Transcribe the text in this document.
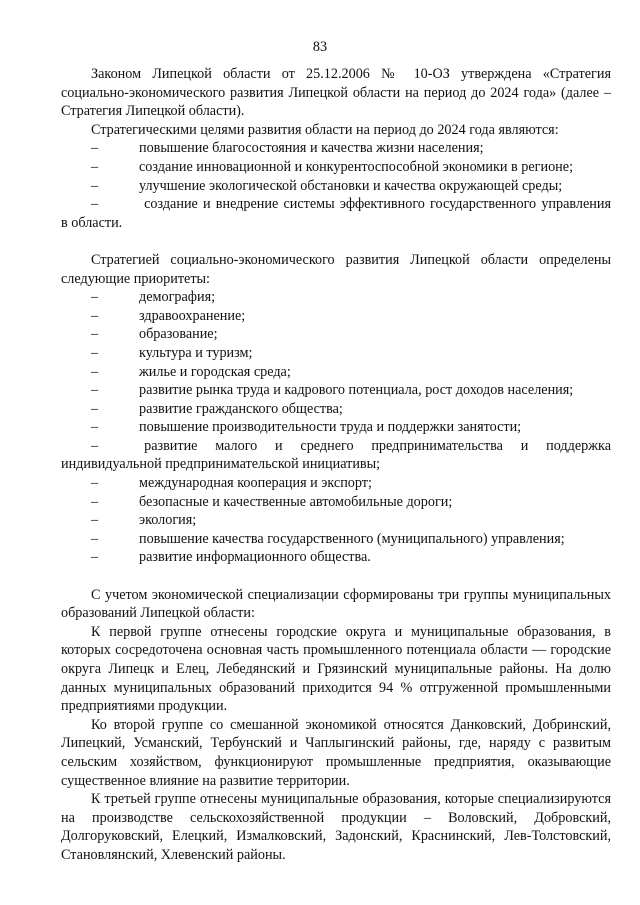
83

Законом Липецкой области от 25.12.2006 № 10-ОЗ утверждена «Стратегия социально-экономического развития Липецкой области на период до 2024 года» (далее – Стратегия Липецкой области).

Стратегическими целями развития области на период до 2024 года являются:

–	повышение благосостояния и качества жизни населения;
–	создание инновационной и конкурентоспособной экономики в регионе;
–	улучшение экологической обстановки и качества окружающей среды;
–	создание и внедрение системы эффективного государственного управления в области.

Стратегией социально-экономического развития Липецкой области определены следующие приоритеты:

–	демография;
–	здравоохранение;
–	образование;
–	культура и туризм;
–	жилье и городская среда;
–	развитие рынка труда и кадрового потенциала, рост доходов населения;
–	развитие гражданского общества;
–	повышение производительности труда и поддержки занятости;
–	развитие малого и среднего предпринимательства и поддержка индивидуальной предпринимательской инициативы;
–	международная кооперация и экспорт;
–	безопасные и качественные автомобильные дороги;
–	экология;
–	повышение качества государственного (муниципального) управления;
–	развитие информационного общества.

С учетом экономической специализации сформированы три группы муниципальных образований Липецкой области:

К первой группе отнесены городские округа и муниципальные образования, в которых сосредоточена основная часть промышленного потенциала области — городские округа Липецк и Елец, Лебедянский и Грязинский муниципальные районы. На долю данных муниципальных образований приходится 94 % отгруженной промышленными предприятиями продукции.

Ко второй группе со смешанной экономикой относятся Данковский, Добринский, Липецкий, Усманский, Тербунский и Чаплыгинский районы, где, наряду с развитым сельским хозяйством, функционируют промышленные предприятия, оказывающие существенное влияние на развитие территории.

К третьей группе отнесены муниципальные образования, которые специализируются на производстве сельскохозяйственной продукции – Воловский, Добровский, Долгоруковский, Елецкий, Измалковский, Задонский, Краснинский, Лев-Толстовский, Становлянский, Хлевенский районы.
